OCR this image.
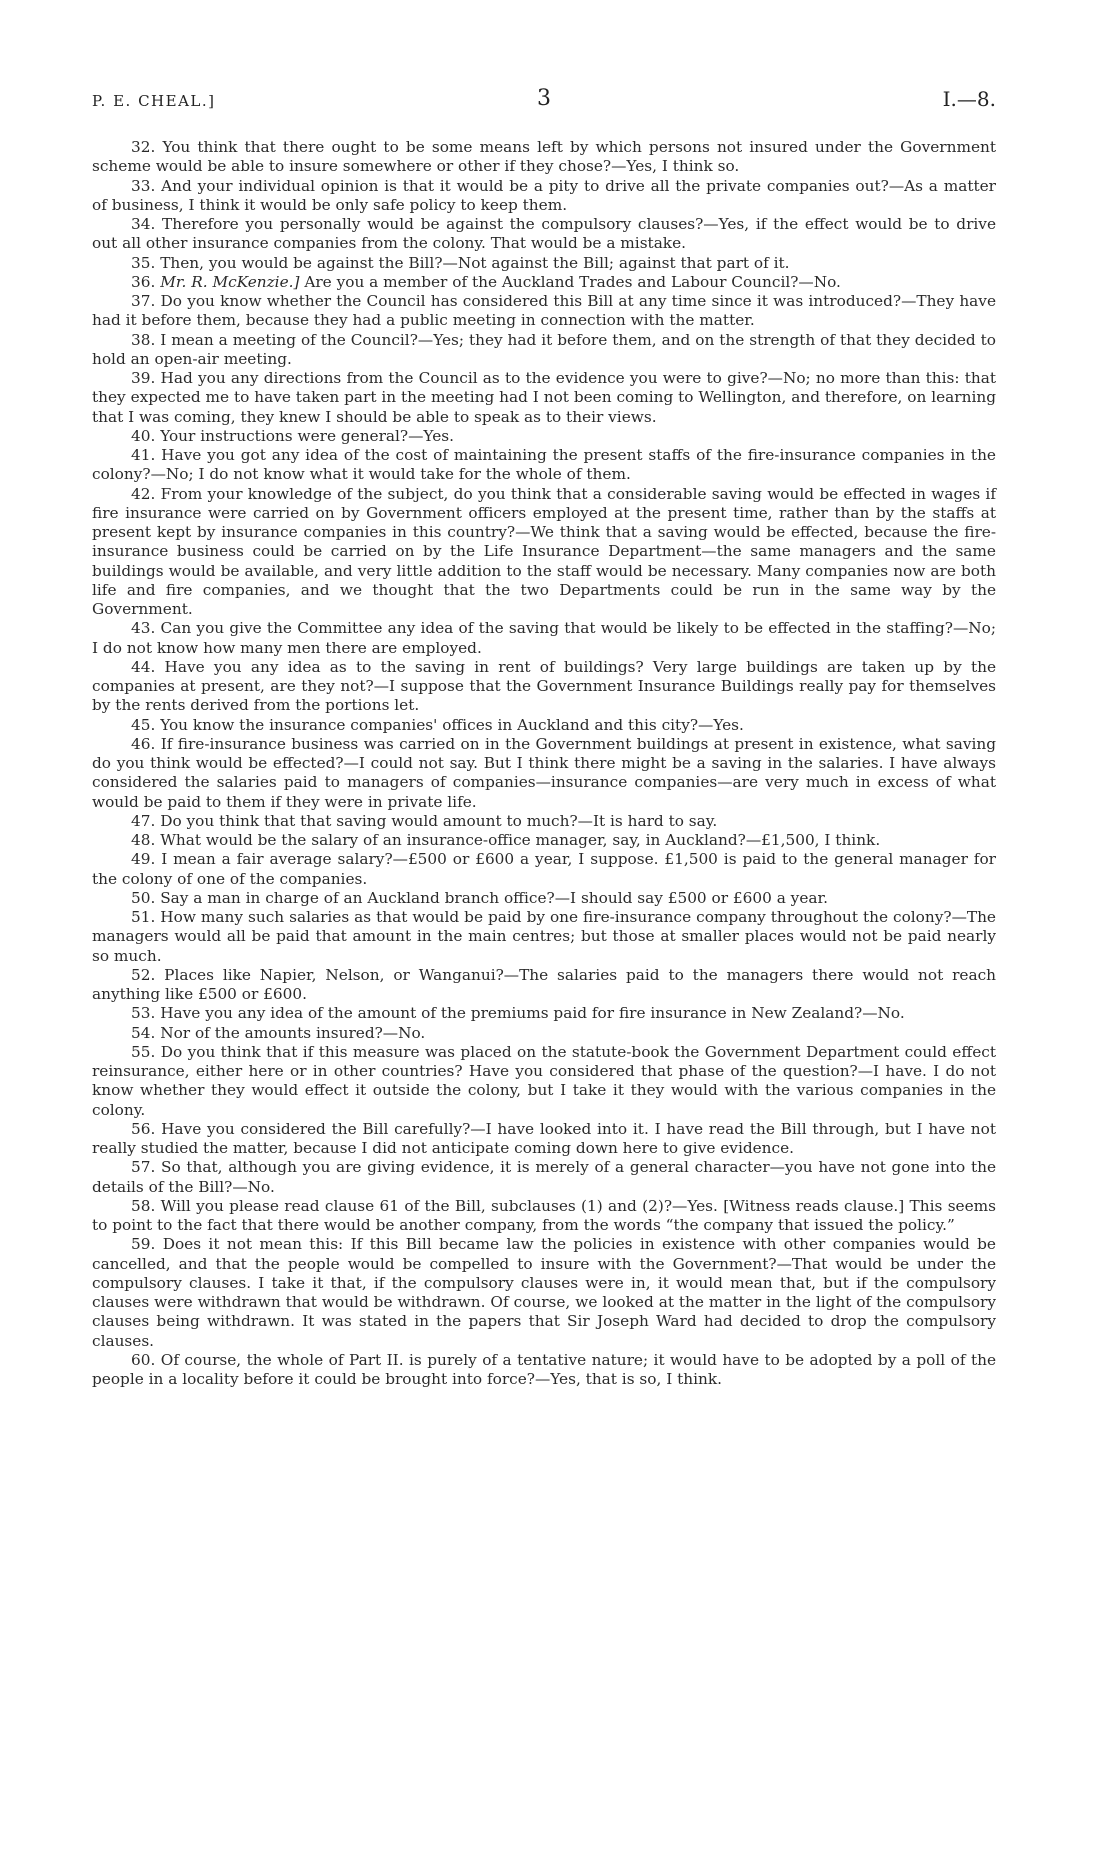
P. E. CHEAL.]	3	I.—8.

32. You think that there ought to be some means left by which persons not insured under the Government scheme would be able to insure somewhere or other if they chose?—Yes, I think so.

33. And your individual opinion is that it would be a pity to drive all the private companies out?—As a matter of business, I think it would be only safe policy to keep them.

34. Therefore you personally would be against the compulsory clauses?—Yes, if the effect would be to drive out all other insurance companies from the colony. That would be a mistake.

35. Then, you would be against the Bill?—Not against the Bill; against that part of it.

36. Mr. R. McKenzie.] Are you a member of the Auckland Trades and Labour Council?—No.

37. Do you know whether the Council has considered this Bill at any time since it was introduced?—They have had it before them, because they had a public meeting in connection with the matter.

38. I mean a meeting of the Council?—Yes; they had it before them, and on the strength of that they decided to hold an open-air meeting.

39. Had you any directions from the Council as to the evidence you were to give?—No; no more than this: that they expected me to have taken part in the meeting had I not been coming to Wellington, and therefore, on learning that I was coming, they knew I should be able to speak as to their views.

40. Your instructions were general?—Yes.

41. Have you got any idea of the cost of maintaining the present staffs of the fire-insurance companies in the colony?—No; I do not know what it would take for the whole of them.

42. From your knowledge of the subject, do you think that a considerable saving would be effected in wages if fire insurance were carried on by Government officers employed at the present time, rather than by the staffs at present kept by insurance companies in this country?—We think that a saving would be effected, because the fire-insurance business could be carried on by the Life Insurance Department—the same managers and the same buildings would be available, and very little addition to the staff would be necessary. Many companies now are both life and fire companies, and we thought that the two Departments could be run in the same way by the Government.

43. Can you give the Committee any idea of the saving that would be likely to be effected in the staffing?—No; I do not know how many men there are employed.

44. Have you any idea as to the saving in rent of buildings? Very large buildings are taken up by the companies at present, are they not?—I suppose that the Government Insurance Buildings really pay for themselves by the rents derived from the portions let.

45. You know the insurance companies' offices in Auckland and this city?—Yes.

46. If fire-insurance business was carried on in the Government buildings at present in existence, what saving do you think would be effected?—I could not say. But I think there might be a saving in the salaries. I have always considered the salaries paid to managers of companies—insurance companies—are very much in excess of what would be paid to them if they were in private life.

47. Do you think that that saving would amount to much?—It is hard to say.

48. What would be the salary of an insurance-office manager, say, in Auckland?—£1,500, I think.

49. I mean a fair average salary?—£500 or £600 a year, I suppose. £1,500 is paid to the general manager for the colony of one of the companies.

50. Say a man in charge of an Auckland branch office?—I should say £500 or £600 a year.

51. How many such salaries as that would be paid by one fire-insurance company throughout the colony?—The managers would all be paid that amount in the main centres; but those at smaller places would not be paid nearly so much.

52. Places like Napier, Nelson, or Wanganui?—The salaries paid to the managers there would not reach anything like £500 or £600.

53. Have you any idea of the amount of the premiums paid for fire insurance in New Zealand?—No.

54. Nor of the amounts insured?—No.

55. Do you think that if this measure was placed on the statute-book the Government Department could effect reinsurance, either here or in other countries? Have you considered that phase of the question?—I have. I do not know whether they would effect it outside the colony, but I take it they would with the various companies in the colony.

56. Have you considered the Bill carefully?—I have looked into it. I have read the Bill through, but I have not really studied the matter, because I did not anticipate coming down here to give evidence.

57. So that, although you are giving evidence, it is merely of a general character—you have not gone into the details of the Bill?—No.

58. Will you please read clause 61 of the Bill, subclauses (1) and (2)?—Yes. [Witness reads clause.] This seems to point to the fact that there would be another company, from the words “the company that issued the policy.”

59. Does it not mean this: If this Bill became law the policies in existence with other companies would be cancelled, and that the people would be compelled to insure with the Government?—That would be under the compulsory clauses. I take it that, if the compulsory clauses were in, it would mean that, but if the compulsory clauses were withdrawn that would be withdrawn. Of course, we looked at the matter in the light of the compulsory clauses being withdrawn. It was stated in the papers that Sir Joseph Ward had decided to drop the compulsory clauses.

60. Of course, the whole of Part II. is purely of a tentative nature; it would have to be adopted by a poll of the people in a locality before it could be brought into force?—Yes, that is so, I think.
